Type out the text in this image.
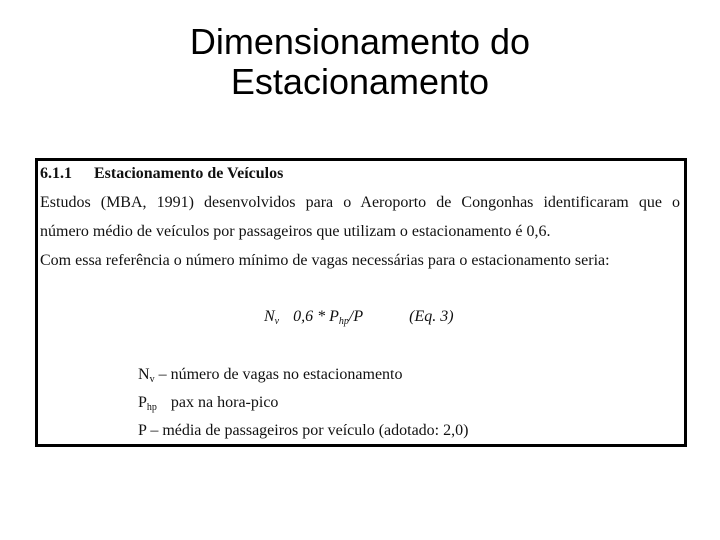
Dimensionamento do
Estacionamento
6.1.1 Estacionamento de Veículos
Estudos (MBA, 1991) desenvolvidos para o Aeroporto de Congonhas identificaram que o
número médio de veículos por passageiros que utilizam o estacionamento é 0,6.
Com essa referência o número mínimo de vagas necessárias para o estacionamento seria:
$N_v$ $0,6 * P_{hp}/P$	(Eq. 3)
$N_v$ – número de vagas no estacionamento
$P_{hp}$ pax na hora-pico
P – média de passageiros por veículo (adotado: 2,0)
